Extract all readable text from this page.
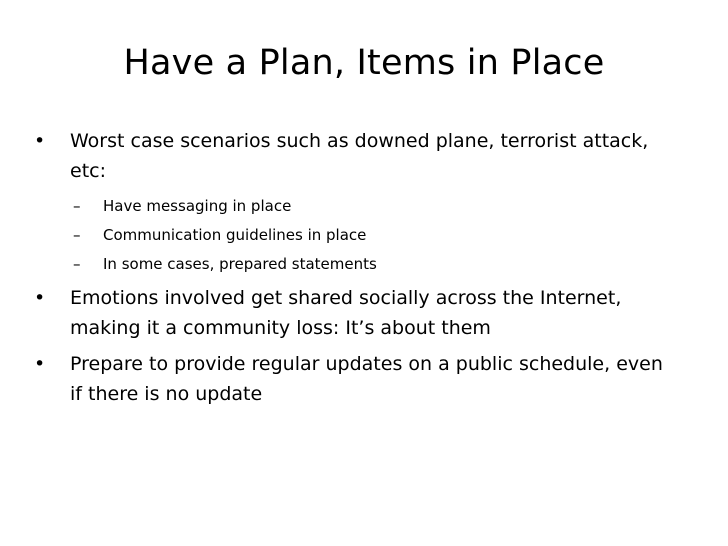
Have a Plan, Items in Place
• Worst case scenarios such as downed plane, terrorist attack,
etc:
– Have messaging in place
– Communication guidelines in place
– In some cases, prepared statements
• Emotions involved get shared socially across the Internet,
making it a community loss: It’s about them
• Prepare to provide regular updates on a public schedule, even
if there is no update
